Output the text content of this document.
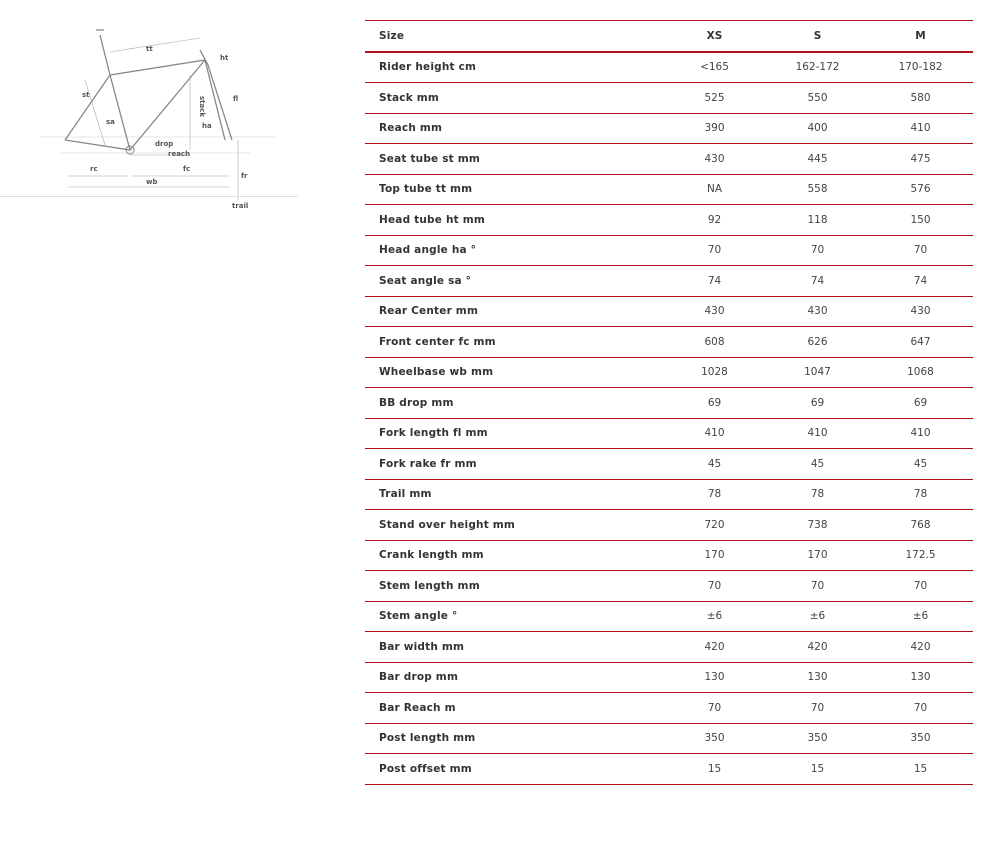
tt
ht
st	fl
stack
sa	ha
drop
reach
rc	fc
wb
fr
trail
Size	XS	S	M
Rider height cm	<165	162-172	170-182
Stack mm	525	550	580
Reach mm	390	400	410
Seat tube st mm	430	445	475
Top tube tt mm	NA	558	576
Head tube ht mm	92	118	150
Head angle ha °	70	70	70
Seat angle sa °	74	74	74
Rear Center mm	430	430	430
Front center fc mm	608	626	647
Wheelbase wb mm	1028	1047	1068
BB drop mm	69	69	69
Fork length fl mm	410	410	410
Fork rake fr mm	45	45	45
Trail mm	78	78	78
Stand over height mm	720	738	768
Crank length mm	170	170	172.5
Stem length mm	70	70	70
Stem angle °	±6	±6	±6
Bar width mm	420	420	420
Bar drop mm	130	130	130
Bar Reach m	70	70	70
Post length mm	350	350	350
Post offset mm	15	15	15
